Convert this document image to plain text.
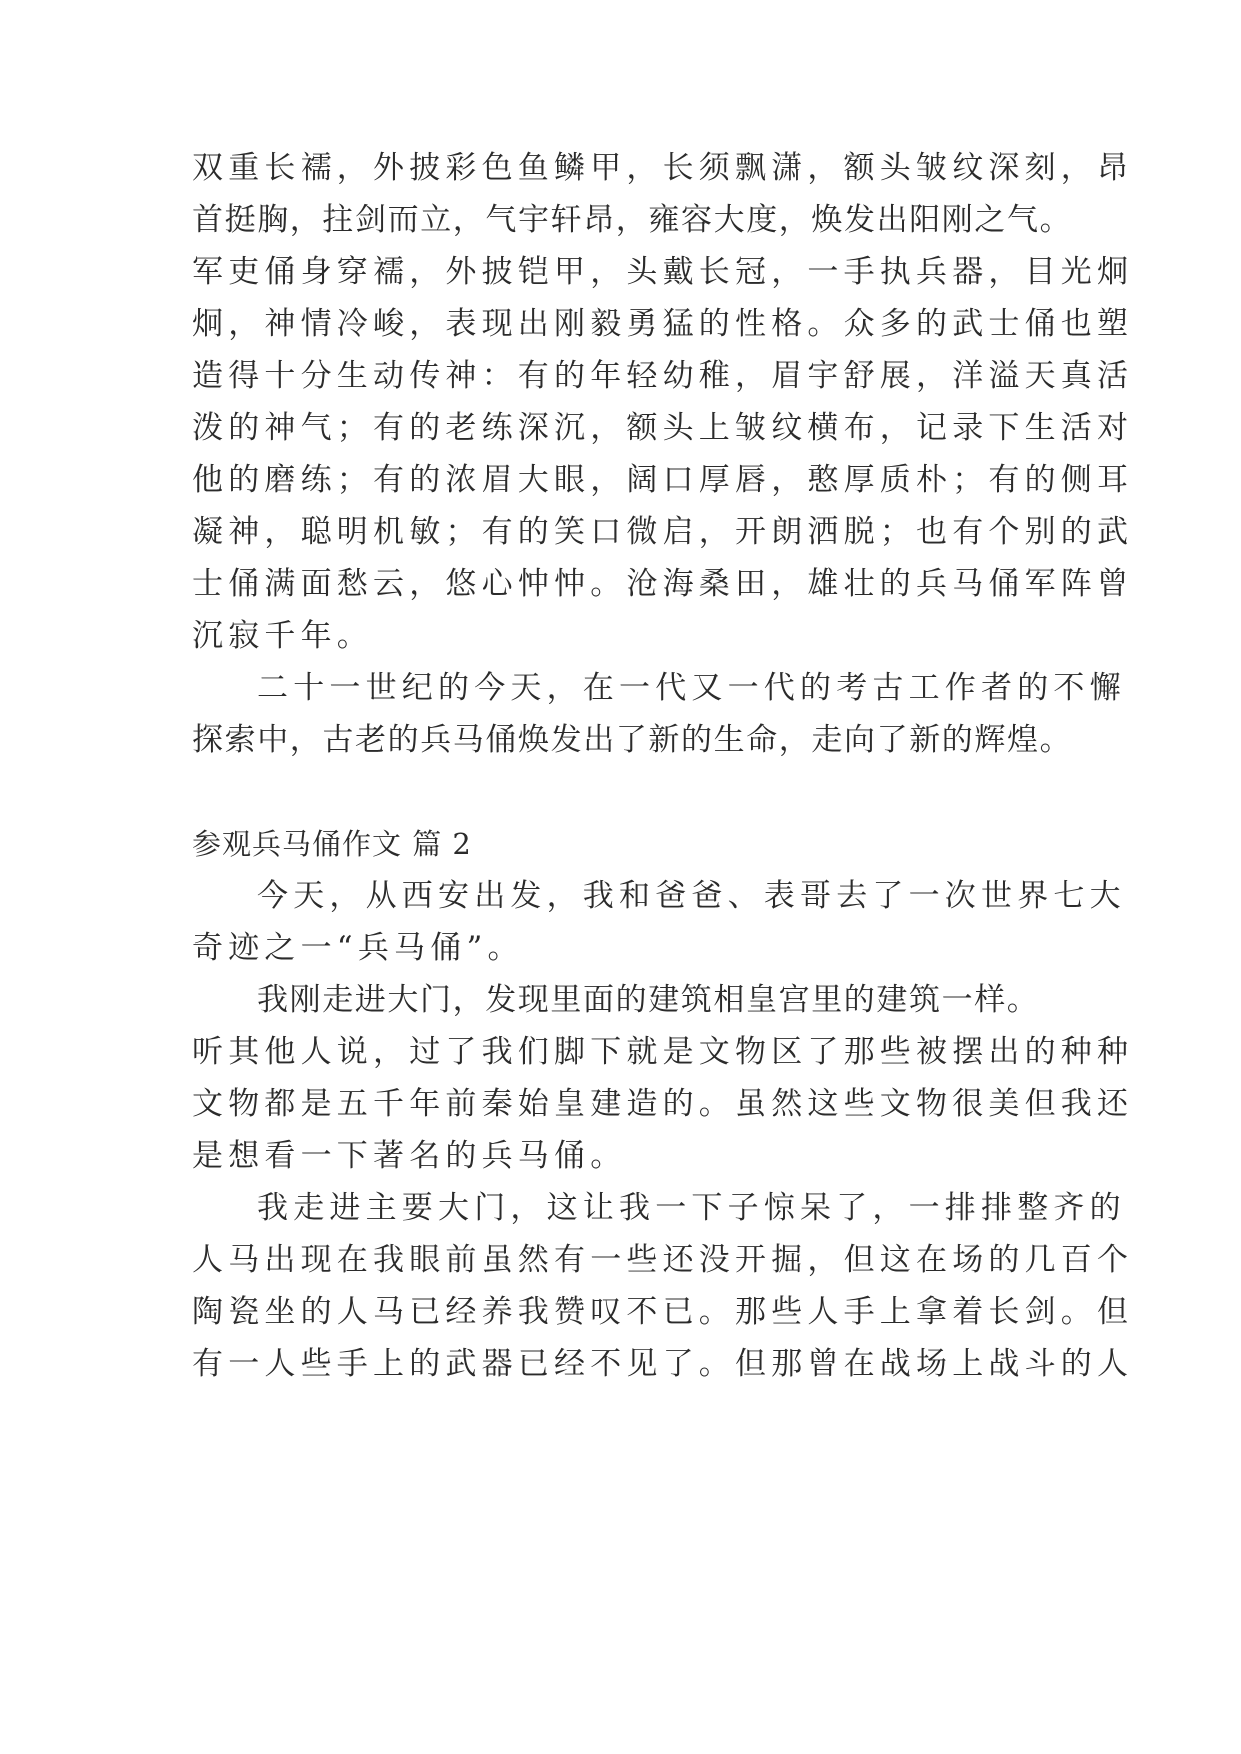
双重长襦，外披彩色鱼鳞甲，长须飘潇，额头皱纹深刻，昂

首挺胸，拄剑而立，气宇轩昂，雍容大度，焕发出阳刚之气。

军吏俑身穿襦，外披铠甲，头戴长冠，一手执兵器，目光炯

炯，神情冷峻，表现出刚毅勇猛的性格。众多的武士俑也塑

造得十分生动传神：有的年轻幼稚，眉宇舒展，洋溢天真活

泼的神气；有的老练深沉，额头上皱纹横布，记录下生活对

他的磨练；有的浓眉大眼，阔口厚唇，憨厚质朴；有的侧耳

凝神，聪明机敏；有的笑口微启，开朗洒脱；也有个别的武

士俑满面愁云，悠心忡忡。沧海桑田，雄壮的兵马俑军阵曾

沉寂千年。

二十一世纪的今天，在一代又一代的考古工作者的不懈

探索中，古老的兵马俑焕发出了新的生命，走向了新的辉煌。

参观兵马俑作文 篇 2

今天，从西安出发，我和爸爸、表哥去了一次世界七大

奇迹之一“兵马俑”。

我刚走进大门，发现里面的建筑相皇宫里的建筑一样。

听其他人说，过了我们脚下就是文物区了那些被摆出的种种

文物都是五千年前秦始皇建造的。虽然这些文物很美但我还

是想看一下著名的兵马俑。

我走进主要大门，这让我一下子惊呆了，一排排整齐的

人马出现在我眼前虽然有一些还没开掘，但这在场的几百个

陶瓷坐的人马已经养我赞叹不已。那些人手上拿着长剑。但

有一人些手上的武器已经不见了。但那曾在战场上战斗的人
